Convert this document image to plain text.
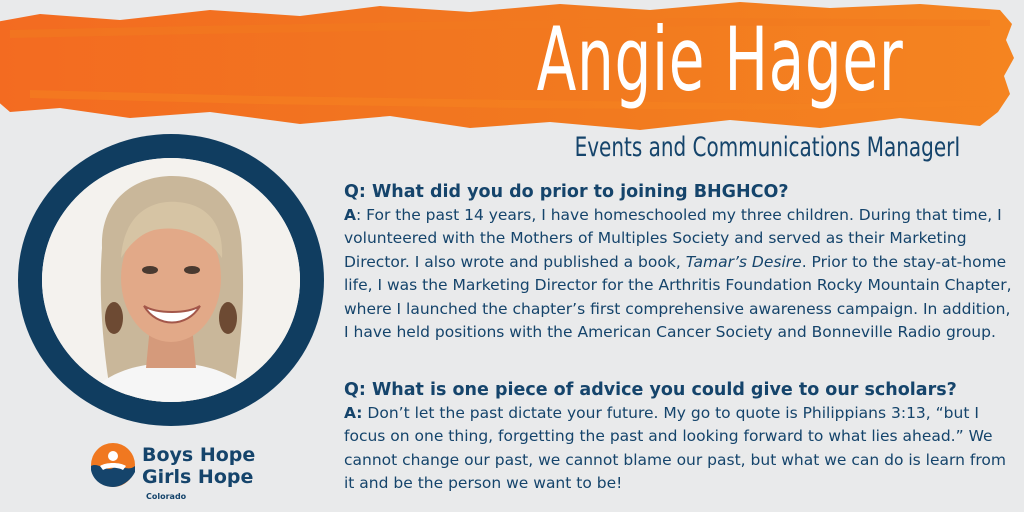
Angie Hager
Events and Communications ManagerI
Boys Hope
Girls Hope
Colorado
Q: What did you do prior to joining BHGHCO?
A: For the past 14 years, I have homeschooled my three children. During that time, I volunteered with the Mothers of Multiples Society and served as their Marketing Director. I also wrote and published a book, Tamar’s Desire. Prior to the stay-at-home life, I was the Marketing Director for the Arthritis Foundation Rocky Mountain Chapter, where I launched the chapter’s first comprehensive awareness campaign. In addition, I have held positions with the American Cancer Society and Bonneville Radio group.
Q: What is one piece of advice you could give to our scholars?
A: Don’t let the past dictate your future. My go to quote is Philippians 3:13, “but I focus on one thing, forgetting the past and looking forward to what lies ahead.” We cannot change our past, we cannot blame our past, but what we can do is learn from it and be the person we want to be!
